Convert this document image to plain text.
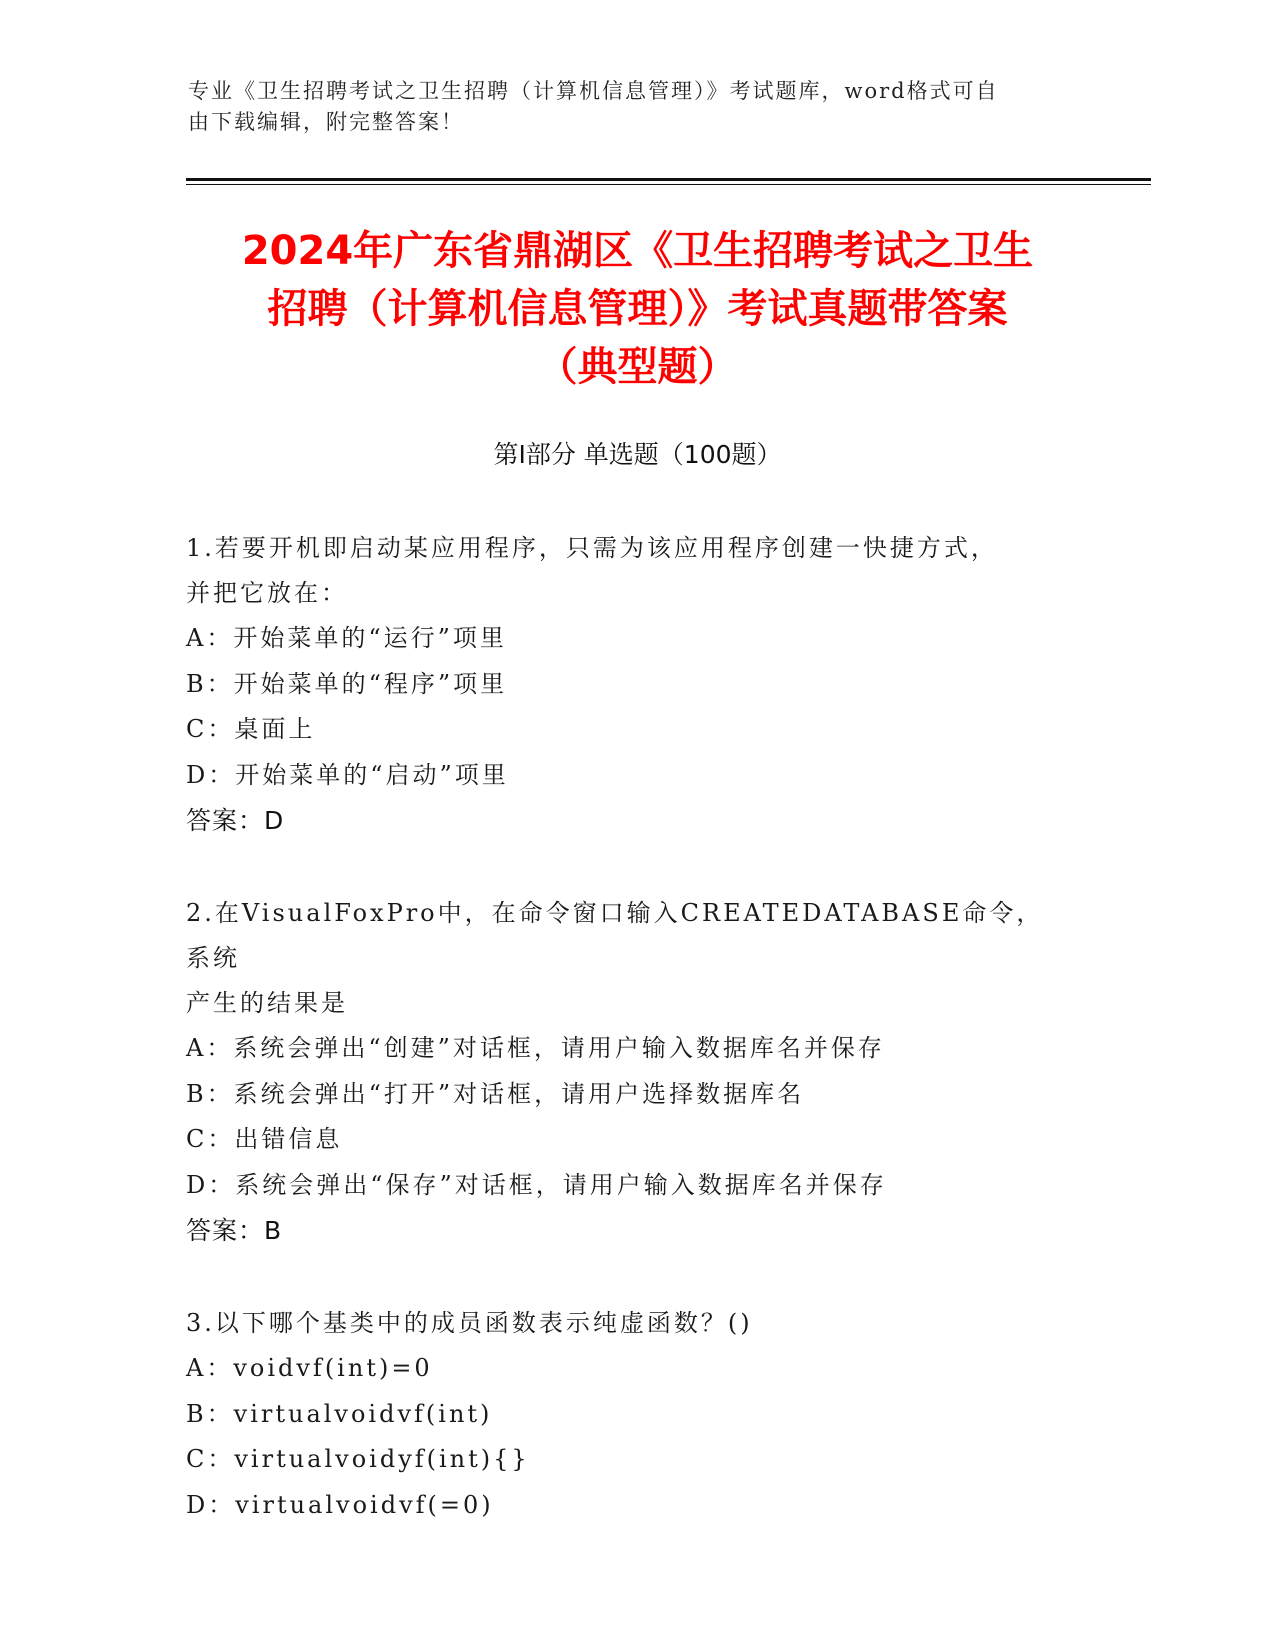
专业《卫生招聘考试之卫生招聘（计算机信息管理）》考试题库，word格式可自
由下载编辑，附完整答案！
2024年广东省鼎湖区《卫生招聘考试之卫生
招聘（计算机信息管理）》考试真题带答案
（典型题）
第I部分 单选题（100题）
1.若要开机即启动某应用程序，只需为该应用程序创建一快捷方式，
并把它放在：
A：开始菜单的“运行”项里
B：开始菜单的“程序”项里
C：桌面上
D：开始菜单的“启动”项里
答案：D
2.在VisualFoxPro中，在命令窗口输入CREATEDATABASE命令，系统
产生的结果是
A：系统会弹出“创建”对话框，请用户输入数据库名并保存
B：系统会弹出“打开”对话框，请用户选择数据库名
C：出错信息
D：系统会弹出“保存”对话框，请用户输入数据库名并保存
答案：B
3.以下哪个基类中的成员函数表示纯虚函数？()
A：voidvf(int)=0
B：virtualvoidvf(int)
C：virtualvoidyf(int){}
D：virtualvoidvf(=0)
